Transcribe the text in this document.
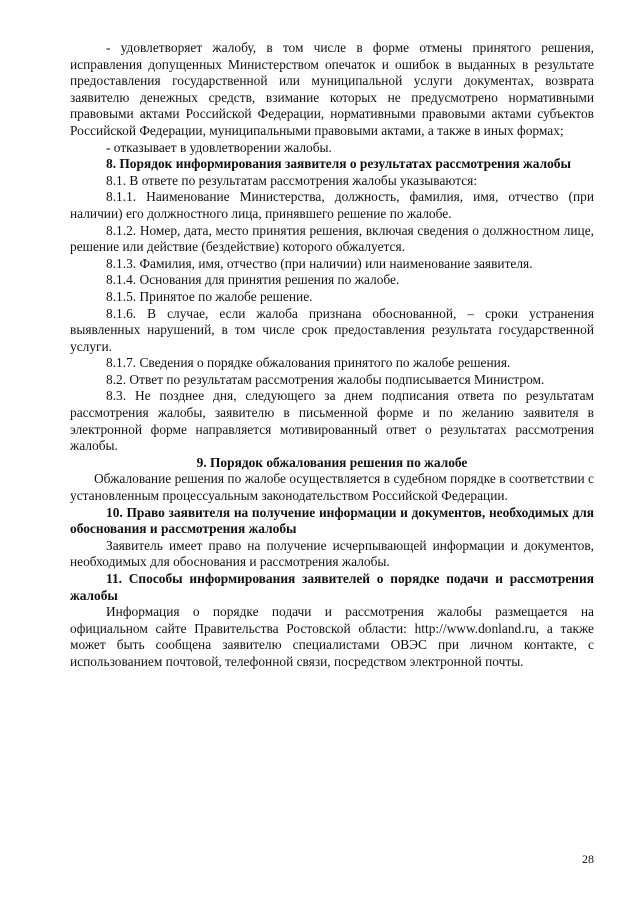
- удовлетворяет жалобу, в том числе в форме отмены принятого решения, исправления допущенных Министерством опечаток и ошибок в выданных в результате предоставления государственной или муниципальной услуги документах, возврата заявителю денежных средств, взимание которых не предусмотрено нормативными правовыми актами Российской Федерации, нормативными правовыми актами субъектов Российской Федерации, муниципальными правовыми актами, а также в иных формах;

- отказывает в удовлетворении жалобы.

8. Порядок информирования заявителя о результатах рассмотрения жалобы

8.1. В ответе по результатам рассмотрения жалобы указываются:

8.1.1. Наименование Министерства, должность, фамилия, имя, отчество (при наличии) его должностного лица, принявшего решение по жалобе.

8.1.2. Номер, дата, место принятия решения, включая сведения о должностном лице, решение или действие (бездействие) которого обжалуется.

8.1.3. Фамилия, имя, отчество (при наличии) или наименование заявителя.

8.1.4. Основания для принятия решения по жалобе.

8.1.5. Принятое по жалобе решение.

8.1.6. В случае, если жалоба признана обоснованной, – сроки устранения выявленных нарушений, в том числе срок предоставления результата государственной услуги.

8.1.7. Сведения о порядке обжалования принятого по жалобе решения.

8.2. Ответ по результатам рассмотрения жалобы подписывается Министром.

8.3. Не позднее дня, следующего за днем подписания ответа по результатам рассмотрения жалобы, заявителю в письменной форме и по желанию заявителя в электронной форме направляется мотивированный ответ о результатах рассмотрения жалобы.

9. Порядок обжалования решения по жалобе

Обжалование решения по жалобе осуществляется в судебном порядке в соответствии с установленным процессуальным законодательством Российской Федерации.

10. Право заявителя на получение информации и документов, необходимых для обоснования и рассмотрения жалобы

Заявитель имеет право на получение исчерпывающей информации и документов, необходимых для обоснования и рассмотрения жалобы.

11. Способы информирования заявителей о порядке подачи и рассмотрения жалобы

Информация о порядке подачи и рассмотрения жалобы размещается на официальном сайте Правительства Ростовской области: http://www.donland.ru, а также может быть сообщена заявителю специалистами ОВЭС при личном контакте, с использованием почтовой, телефонной связи, посредством электронной почты.

28
